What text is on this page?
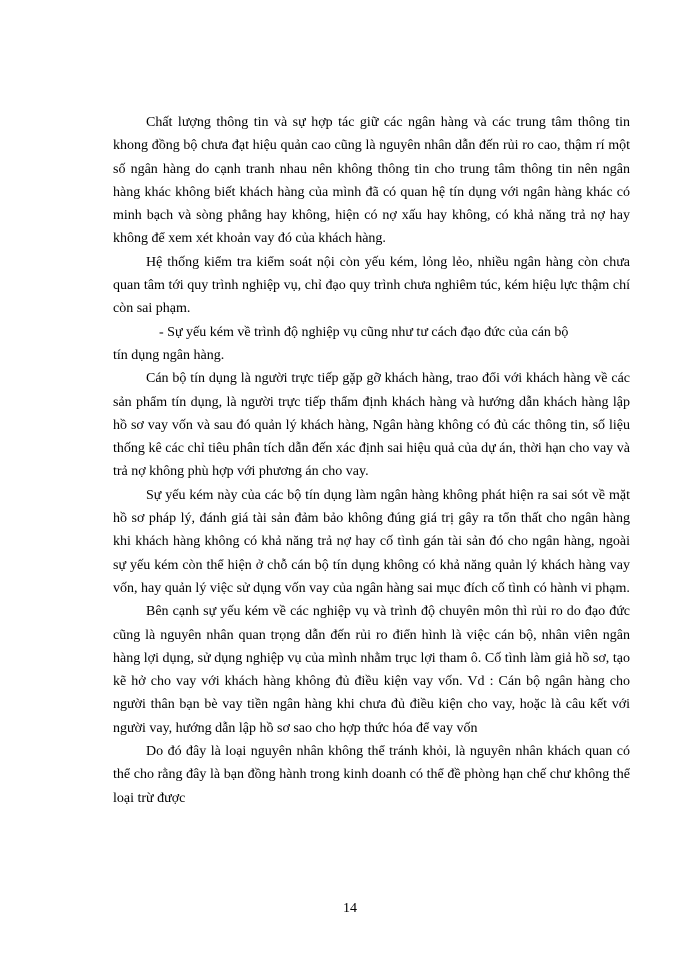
Chất lượng thông tin và sự hợp tác giữ các ngân hàng và các trung tâm thông tin khong đồng bộ chưa đạt hiệu quản cao cũng là nguyên nhân dẫn đến rủi ro cao, thậm rí một số ngân hàng do cạnh tranh nhau nên không thông tin cho trung tâm thông tin nên ngân hàng khác không biết khách hàng của mình đã có quan hệ tín dụng với ngân hàng khác có minh bạch và sòng phẳng hay không, hiện có nợ xấu hay không, có khả năng trả nợ hay không để xem xét khoản vay đó của khách hàng.

Hệ thống kiểm tra kiểm soát nội còn yếu kém, lỏng lẻo, nhiều ngân hàng còn chưa quan tâm tới quy trình nghiệp vụ, chỉ đạo quy trình chưa nghiêm túc, kém hiệu lực thậm chí còn sai phạm.

- Sự yếu kém về trình độ nghiệp vụ cũng như tư cách đạo đức của cán bộ
tín dụng ngân hàng.

Cán bộ tín dụng là người trực tiếp gặp gỡ khách hàng, trao đổi với khách hàng về các sản phẩm tín dụng, là người trực tiếp thẩm định khách hàng và hướng dẫn khách hàng lập hồ sơ vay vốn và sau đó quản lý khách hàng, Ngân hàng không có đủ các thông tin, số liệu thống kê các chỉ tiêu phân tích dẫn đến xác định sai hiệu quả của dự án, thời hạn cho vay và trả nợ không phù hợp với phương án cho vay.

Sự yếu kém này của các bộ tín dụng làm ngân hàng không phát hiện ra sai sót về mặt hồ sơ pháp lý, đánh giá tài sản đảm bảo không đúng giá trị gây ra tổn thất cho ngân hàng khi khách hàng không có khả năng trả nợ hay cố tình gán tài sản đó cho ngân hàng, ngoài sự yếu kém còn thể hiện ở chỗ cán bộ tín dụng không có khả năng quản lý khách hàng vay vốn, hay quản lý việc sử dụng vốn vay của ngân hàng sai mục đích cố tình có hành vi phạm.

Bên cạnh sự yếu kém về các nghiệp vụ và trình độ chuyên môn thì rủi ro do đạo đức cũng là nguyên nhân quan trọng dẫn đến rủi ro điển hình là việc cán bộ, nhân viên ngân hàng lợi dụng, sử dụng nghiệp vụ của mình nhằm trục lợi tham ô. Cố tình làm giả hồ sơ, tạo kẽ hở cho vay với khách hàng không đủ điều kiện vay vốn. Vd : Cán bộ ngân hàng cho người thân bạn bè vay tiền ngân hàng khi chưa đủ điều kiện cho vay, hoặc là câu kết với người vay, hướng dẫn lập hồ sơ sao cho hợp thức hóa để vay vốn

Do đó đây là loại nguyên nhân không thể tránh khỏi, là nguyên nhân khách quan có thể cho rằng đây là bạn đồng hành trong kinh doanh có thể đề phòng hạn chế chư không thể loại trừ được

14
